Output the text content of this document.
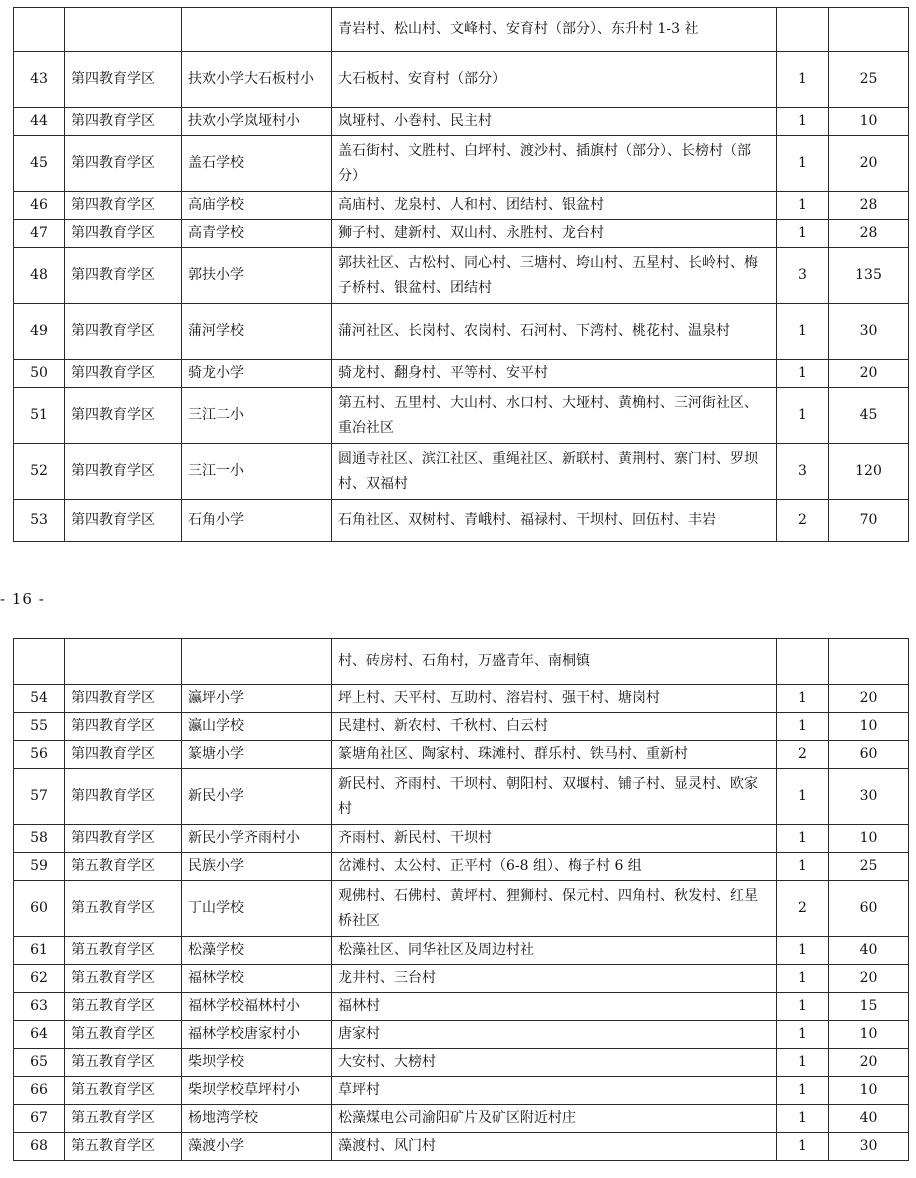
			青岩村、松山村、文峰村、安育村（部分）、东升村 1-3 社		
43	第四教育学区	扶欢小学大石板村小	大石板村、安育村（部分）	1	25
44	第四教育学区	扶欢小学岚垭村小	岚垭村、小巻村、民主村	1	10
45	第四教育学区	盖石学校	盖石街村、文胜村、白坪村、渡沙村、插旗村（部分）、长榜村（部分）	1	20
46	第四教育学区	高庙学校	高庙村、龙泉村、人和村、团结村、银盆村	1	28
47	第四教育学区	高青学校	狮子村、建新村、双山村、永胜村、龙台村	1	28
48	第四教育学区	郭扶小学	郭扶社区、古松村、同心村、三塘村、垮山村、五星村、长岭村、梅子桥村、银盆村、团结村	3	135
49	第四教育学区	蒲河学校	蒲河社区、长岗村、农岗村、石河村、下湾村、桃花村、温泉村	1	30
50	第四教育学区	骑龙小学	骑龙村、翻身村、平等村、安平村	1	20
51	第四教育学区	三江二小	第五村、五里村、大山村、水口村、大垭村、黄桷村、三河街社区、重冶社区	1	45
52	第四教育学区	三江一小	圆通寺社区、滨江社区、重绳社区、新联村、黄荆村、寨门村、罗坝村、双福村	3	120
53	第四教育学区	石角小学	石角社区、双树村、青峨村、福禄村、干坝村、回伍村、丰岩	2	70
- 16 -
			村、砖房村、石角村，万盛青年、南桐镇		
54	第四教育学区	瀛坪小学	坪上村、天平村、互助村、溶岩村、强干村、塘岗村	1	20
55	第四教育学区	瀛山学校	民建村、新农村、千秋村、白云村	1	10
56	第四教育学区	篆塘小学	篆塘角社区、陶家村、珠滩村、群乐村、铁马村、重新村	2	60
57	第四教育学区	新民小学	新民村、齐雨村、干坝村、朝阳村、双堰村、铺子村、显灵村、欧家村	1	30
58	第四教育学区	新民小学齐雨村小	齐雨村、新民村、干坝村	1	10
59	第五教育学区	民族小学	岔滩村、太公村、正平村（6-8 组）、梅子村 6 组	1	25
60	第五教育学区	丁山学校	观佛村、石佛村、黄坪村、狸狮村、保元村、四角村、秋发村、红星桥社区	2	60
61	第五教育学区	松藻学校	松藻社区、同华社区及周边村社	1	40
62	第五教育学区	福林学校	龙井村、三台村	1	20
63	第五教育学区	福林学校福林村小	福林村	1	15
64	第五教育学区	福林学校唐家村小	唐家村	1	10
65	第五教育学区	柴坝学校	大安村、大榜村	1	20
66	第五教育学区	柴坝学校草坪村小	草坪村	1	10
67	第五教育学区	杨地湾学校	松藻煤电公司渝阳矿片及矿区附近村庄	1	40
68	第五教育学区	藻渡小学	藻渡村、风门村	1	30
